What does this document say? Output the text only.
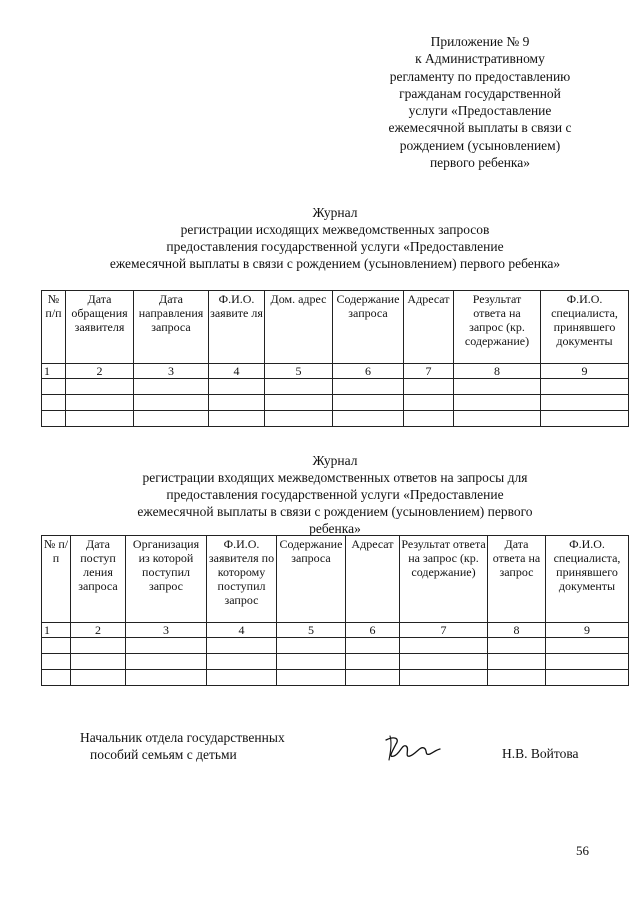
Приложение № 9
к Административному
регламенту по предоставлению
гражданам государственной
услуги «Предоставление
ежемесячной выплаты в связи с
рождением (усыновлением)
первого ребенка»
Журнал
регистрации исходящих межведомственных запросов
предоставления государственной услуги «Предоставление
ежемесячной выплаты в связи с рождением (усыновлением) первого ребенка»
№ п/п	Дата обращения заявителя	Дата направления запроса	Ф.И.О. заявите ля	Дом. адрес	Содержание запроса	Адресат	Результат ответа на запрос (кр. содержание)	Ф.И.О. специалиста, принявшего документы
1	2	3	4	5	6	7	8	9

Журнал
регистрации входящих межведомственных ответов на запросы для
предоставления государственной услуги «Предоставление
ежемесячной выплаты в связи с рождением (усыновлением) первого
ребенка»
№ п/п	Дата поступ ления запроса	Организация из которой поступил запрос	Ф.И.О. заявителя по которому поступил запрос	Содержание запроса	Адресат	Результат ответа на запрос (кр. содержание)	Дата ответа на запрос	Ф.И.О. специалиста, принявшего документы
1	2	3	4	5	6	7	8	9

Начальник отдела государственных
пособий семьям с детьми	Н.В. Войтова
56
